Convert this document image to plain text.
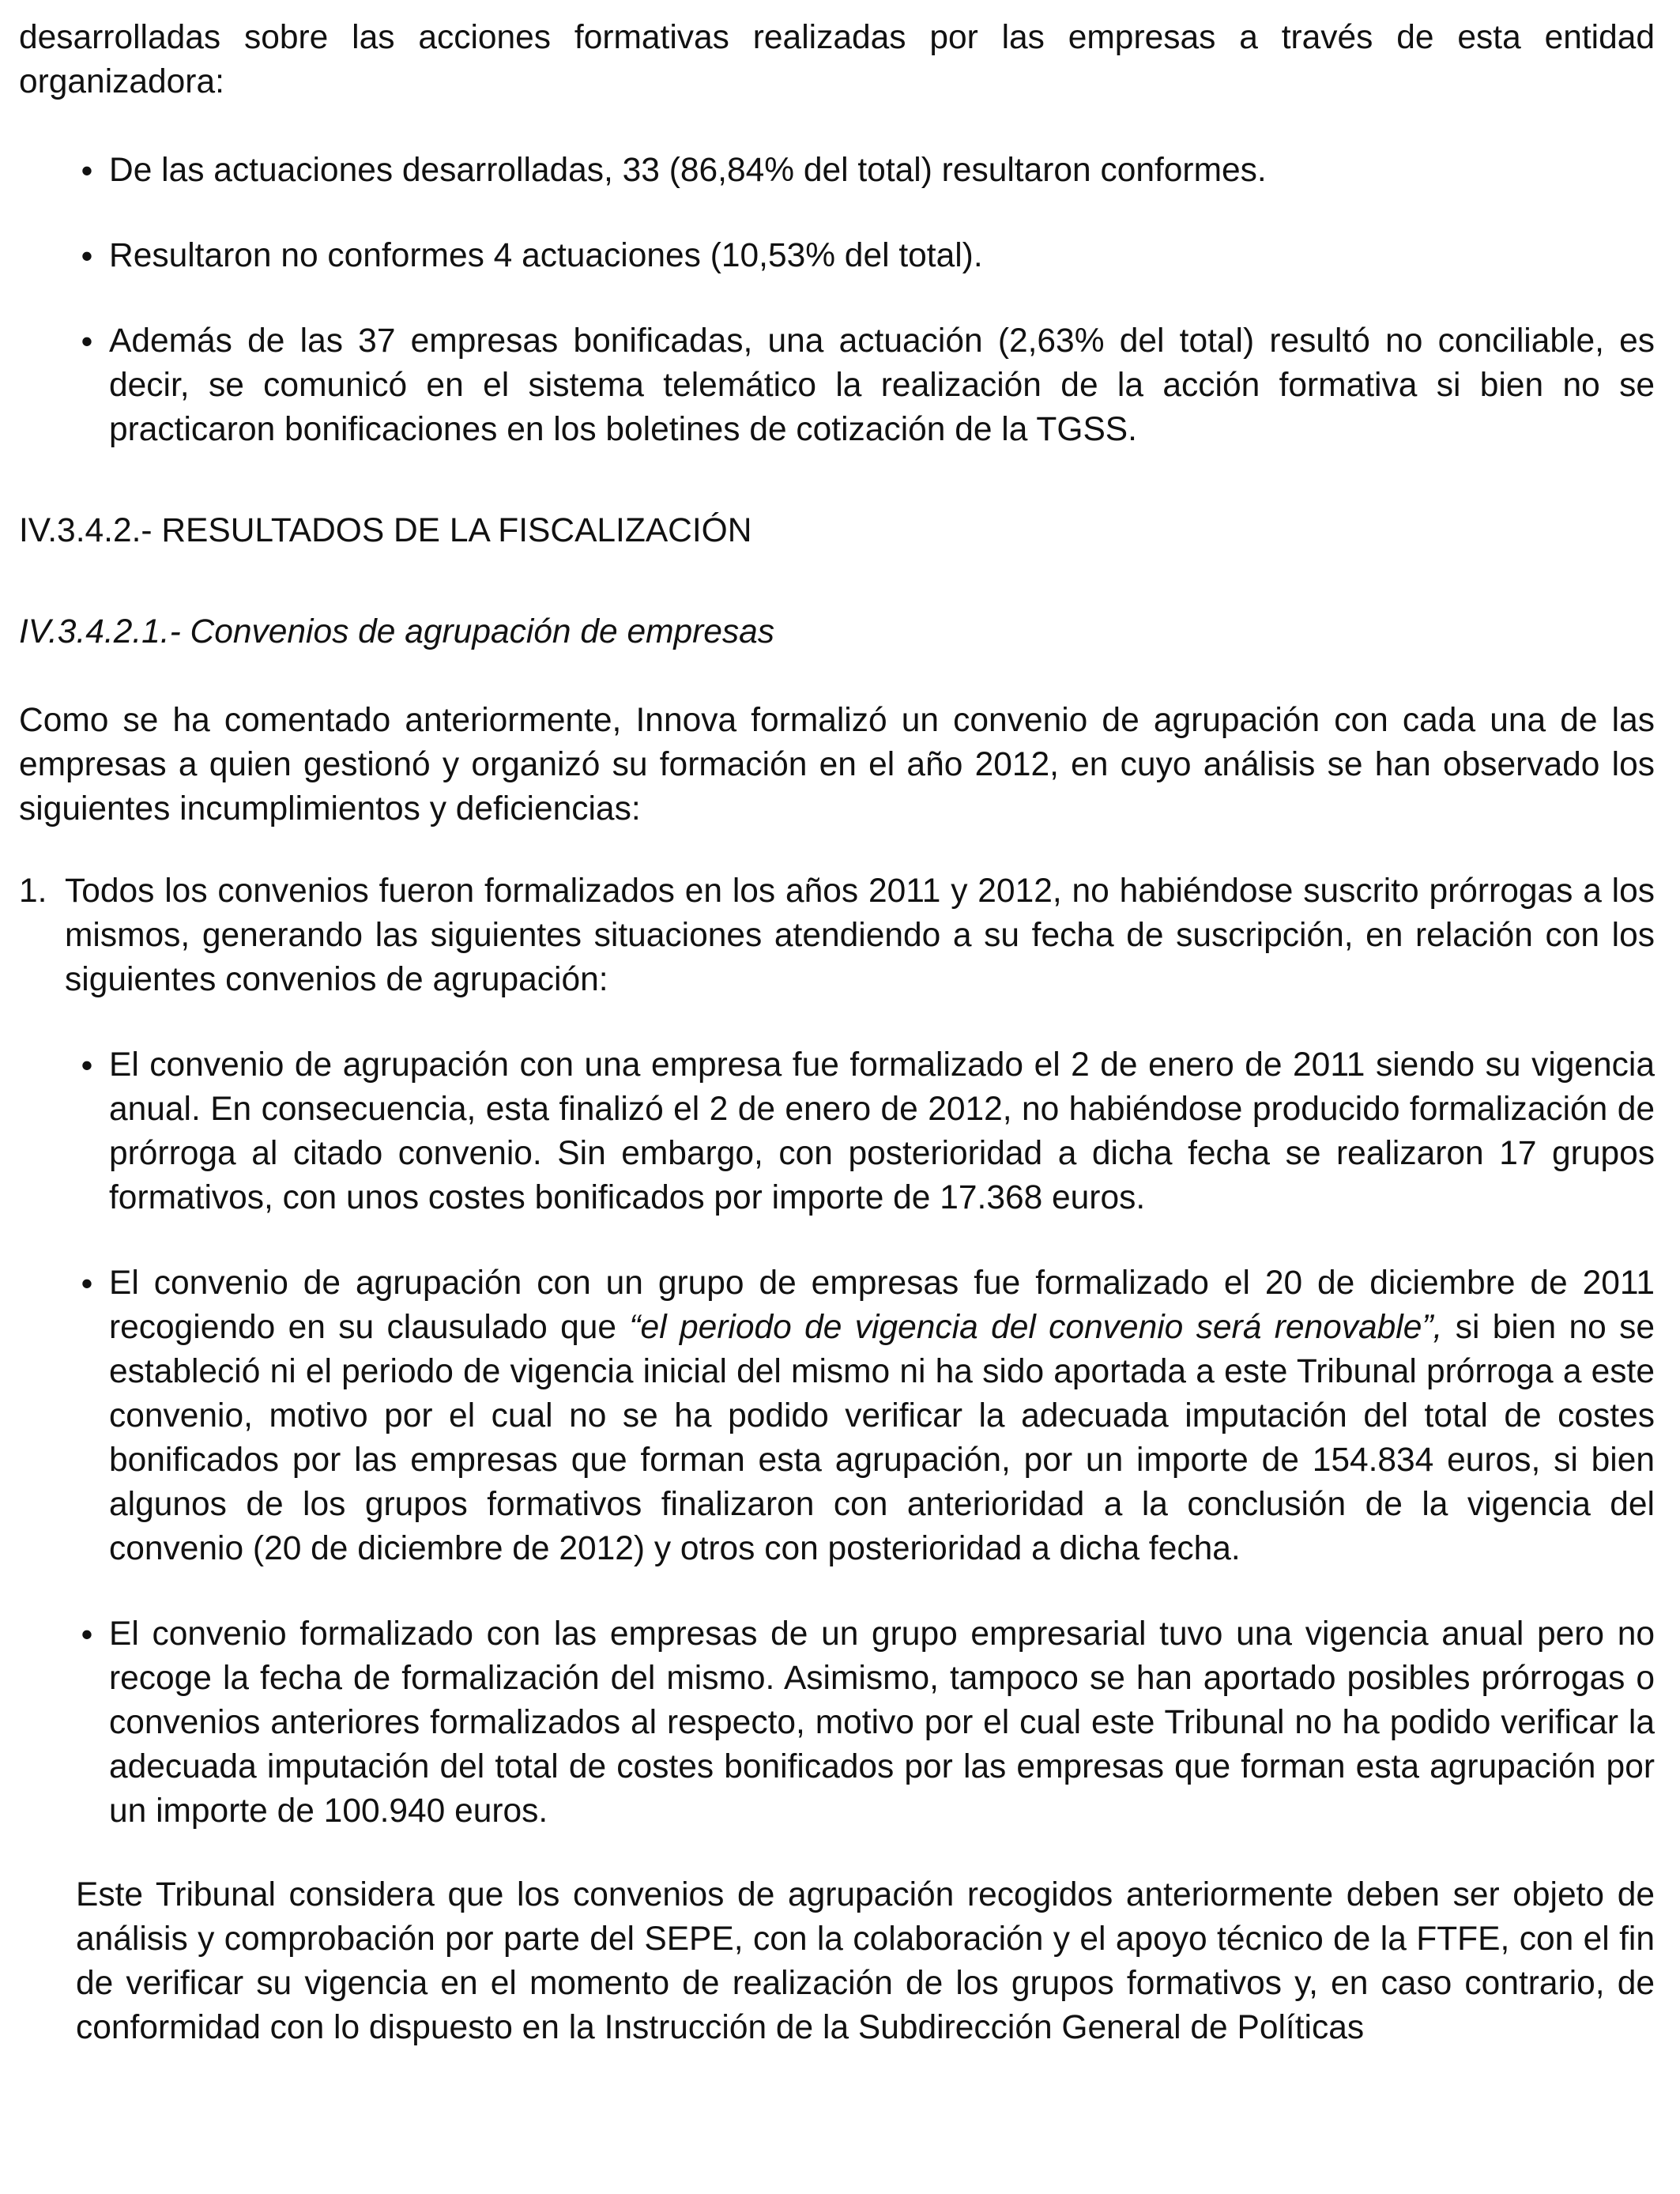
desarrolladas sobre las acciones formativas realizadas por las empresas a través de esta entidad organizadora:

• De las actuaciones desarrolladas, 33 (86,84% del total) resultaron conformes.
• Resultaron no conformes 4 actuaciones (10,53% del total).
• Además de las 37 empresas bonificadas, una actuación (2,63% del total) resultó no conciliable, es decir, se comunicó en el sistema telemático la realización de la acción formativa si bien no se practicaron bonificaciones en los boletines de cotización de la TGSS.
IV.3.4.2.- RESULTADOS DE LA FISCALIZACIÓN
IV.3.4.2.1.- Convenios de agrupación de empresas

Como se ha comentado anteriormente, Innova formalizó un convenio de agrupación con cada una de las empresas a quien gestionó y organizó su formación en el año 2012, en cuyo análisis se han observado los siguientes incumplimientos y deficiencias:

1. Todos los convenios fueron formalizados en los años 2011 y 2012, no habiéndose suscrito prórrogas a los mismos, generando las siguientes situaciones atendiendo a su fecha de suscripción, en relación con los siguientes convenios de agrupación:
• El convenio de agrupación con una empresa fue formalizado el 2 de enero de 2011 siendo su vigencia anual. En consecuencia, esta finalizó el 2 de enero de 2012, no habiéndose producido formalización de prórroga al citado convenio. Sin embargo, con posterioridad a dicha fecha se realizaron 17 grupos formativos, con unos costes bonificados por importe de 17.368 euros.
• El convenio de agrupación con un grupo de empresas fue formalizado el 20 de diciembre de 2011 recogiendo en su clausulado que “el periodo de vigencia del convenio será renovable”, si bien no se estableció ni el periodo de vigencia inicial del mismo ni ha sido aportada a este Tribunal prórroga a este convenio, motivo por el cual no se ha podido verificar la adecuada imputación del total de costes bonificados por las empresas que forman esta agrupación, por un importe de 154.834 euros, si bien algunos de los grupos formativos finalizaron con anterioridad a la conclusión de la vigencia del convenio (20 de diciembre de 2012) y otros con posterioridad a dicha fecha.
• El convenio formalizado con las empresas de un grupo empresarial tuvo una vigencia anual pero no recoge la fecha de formalización del mismo. Asimismo, tampoco se han aportado posibles prórrogas o convenios anteriores formalizados al respecto, motivo por el cual este Tribunal no ha podido verificar la adecuada imputación del total de costes bonificados por las empresas que forman esta agrupación por un importe de 100.940 euros.

Este Tribunal considera que los convenios de agrupación recogidos anteriormente deben ser objeto de análisis y comprobación por parte del SEPE, con la colaboración y el apoyo técnico de la FTFE, con el fin de verificar su vigencia en el momento de realización de los grupos formativos y, en caso contrario, de conformidad con lo dispuesto en la Instrucción de la Subdirección General de Políticas
